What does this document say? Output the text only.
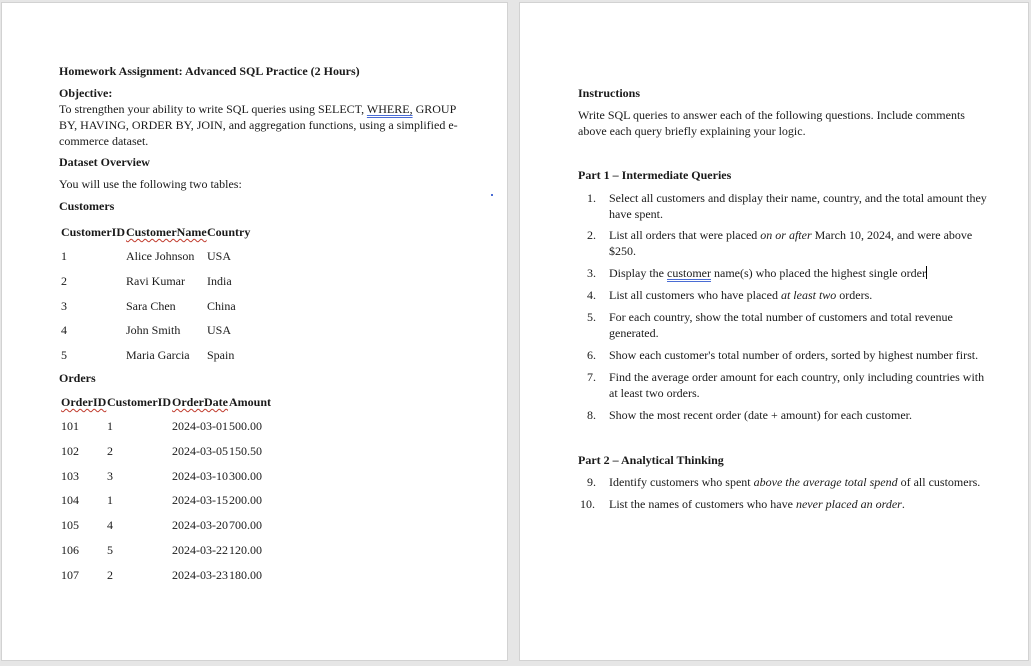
Homework Assignment: Advanced SQL Practice (2 Hours)
Objective:
To strengthen your ability to write SQL queries using SELECT, WHERE, GROUP
BY, HAVING, ORDER BY, JOIN, and aggregation functions, using a simplified e-
commerce dataset.
Dataset Overview
You will use the following two tables:
Customers
CustomerID CustomerName Country
1	Alice Johnson USA
2	Ravi Kumar India
3	Sara Chen	China
4	John Smith USA
5	Maria Garcia Spain
Orders
OrderID CustomerID OrderDate Amount
101 1	2024-03-01 500.00
102 2	2024-03-05 150.50
103 3	2024-03-10 300.00
104 1	2024-03-15 200.00
105 4	2024-03-20 700.00
106 5	2024-03-22 120.00
107 2	2024-03-23 180.00
Instructions
Write SQL queries to answer each of the following questions. Include comments above each query briefly explaining your logic.
Part 1 – Intermediate Queries
1. Select all customers and display their name, country, and the total amount they have spent.
2. List all orders that were placed on or after March 10, 2024, and were above $250.
3. Display the customer name(s) who placed the highest single order
4. List all customers who have placed at least two orders.
5. For each country, show the total number of customers and total revenue generated.
6. Show each customer's total number of orders, sorted by highest number first.
7. Find the average order amount for each country, only including countries with at least two orders.
8. Show the most recent order (date + amount) for each customer.
Part 2 – Analytical Thinking
9. Identify customers who spent above the average total spend of all customers.
10. List the names of customers who have never placed an order.
